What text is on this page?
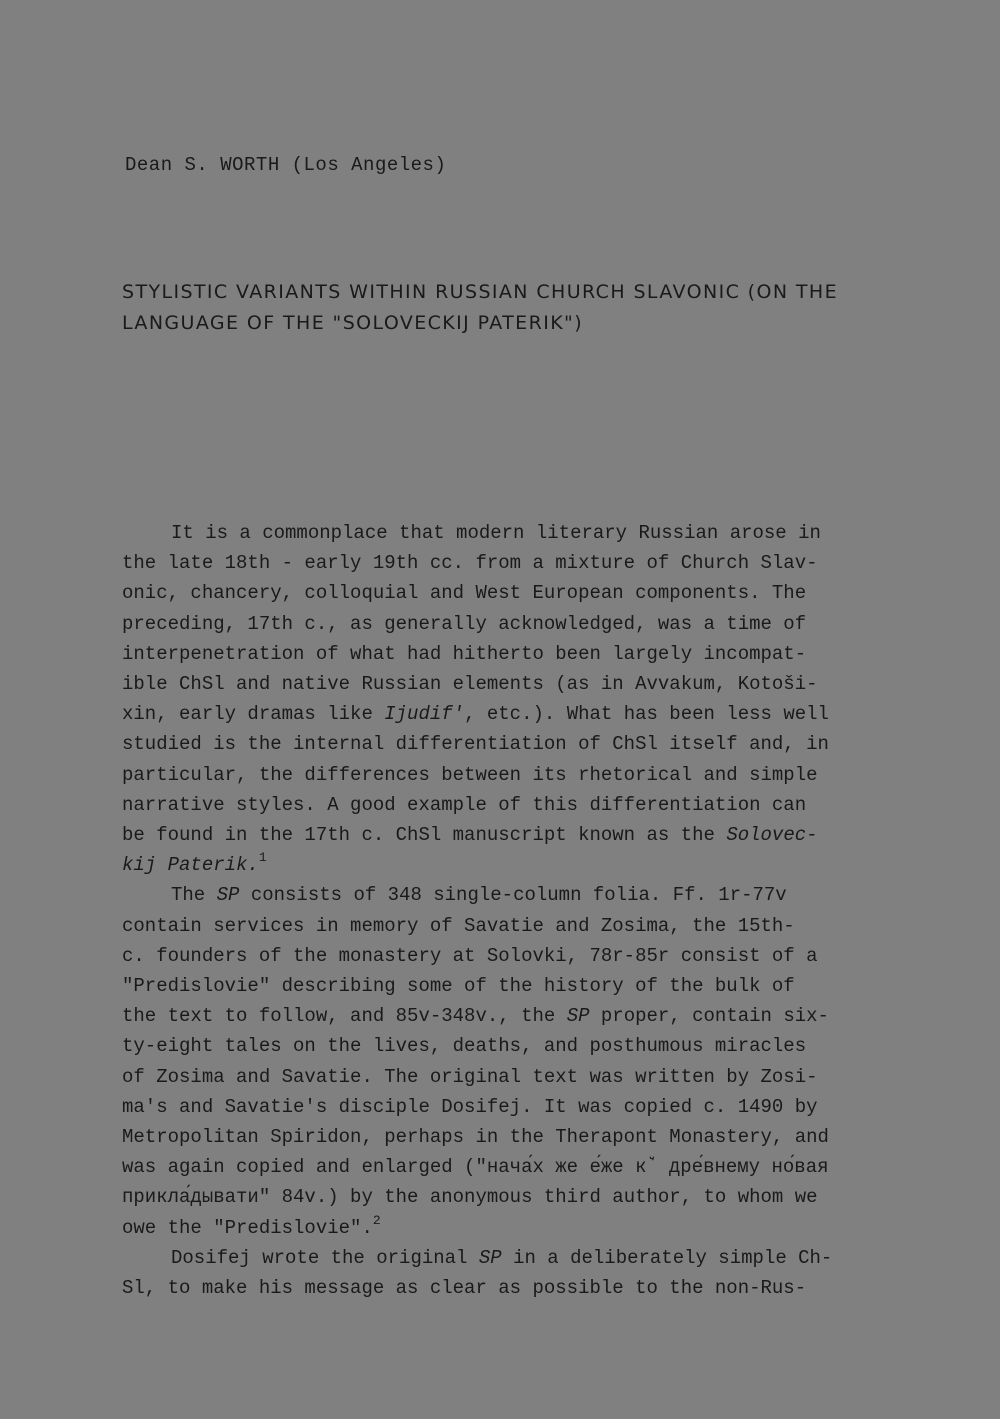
Dean S. WORTH (Los Angeles)
STYLISTIC VARIANTS WITHIN RUSSIAN CHURCH SLAVONIC (ON THE
LANGUAGE OF THE "SOLOVECKIJ PATERIK")
It is a commonplace that modern literary Russian arose in
the late 18th - early 19th cc. from a mixture of Church Slav-
onic, chancery, colloquial and West European components. The
preceding, 17th c., as generally acknowledged, was a time of
interpenetration of what had hitherto been largely incompat-
ible ChSl and native Russian elements (as in Avvakum, Kotoši-
xin, early dramas like Ijudif', etc.). What has been less well
studied is the internal differentiation of ChSl itself and, in
particular, the differences between its rhetorical and simple
narrative styles. A good example of this differentiation can
be found in the 17th c. ChSl manuscript known as the Solovec-
kij Paterik.$^1$
The SP consists of 348 single-column folia. Ff. 1r-77v
contain services in memory of Savatie and Zosima, the 15th-
c. founders of the monastery at Solovki, 78r-85r consist of a
"Predislovie" describing some of the history of the bulk of
the text to follow, and 85v-348v., the SP proper, contain six-
ty-eight tales on the lives, deaths, and posthumous miracles
of Zosima and Savatie. The original text was written by Zosi-
ma's and Savatie's disciple Dosifej. It was copied c. 1490 by
Metropolitan Spiridon, perhaps in the Therapont Monastery, and
was again copied and enlarged ("нача́х же е́же кꙿ дре́внему но́вая
прикла́дывати" 84v.) by the anonymous third author, to whom we
owe the "Predislovie".$^2$
Dosifej wrote the original SP in a deliberately simple Ch-
Sl, to make his message as clear as possible to the non-Rus-
